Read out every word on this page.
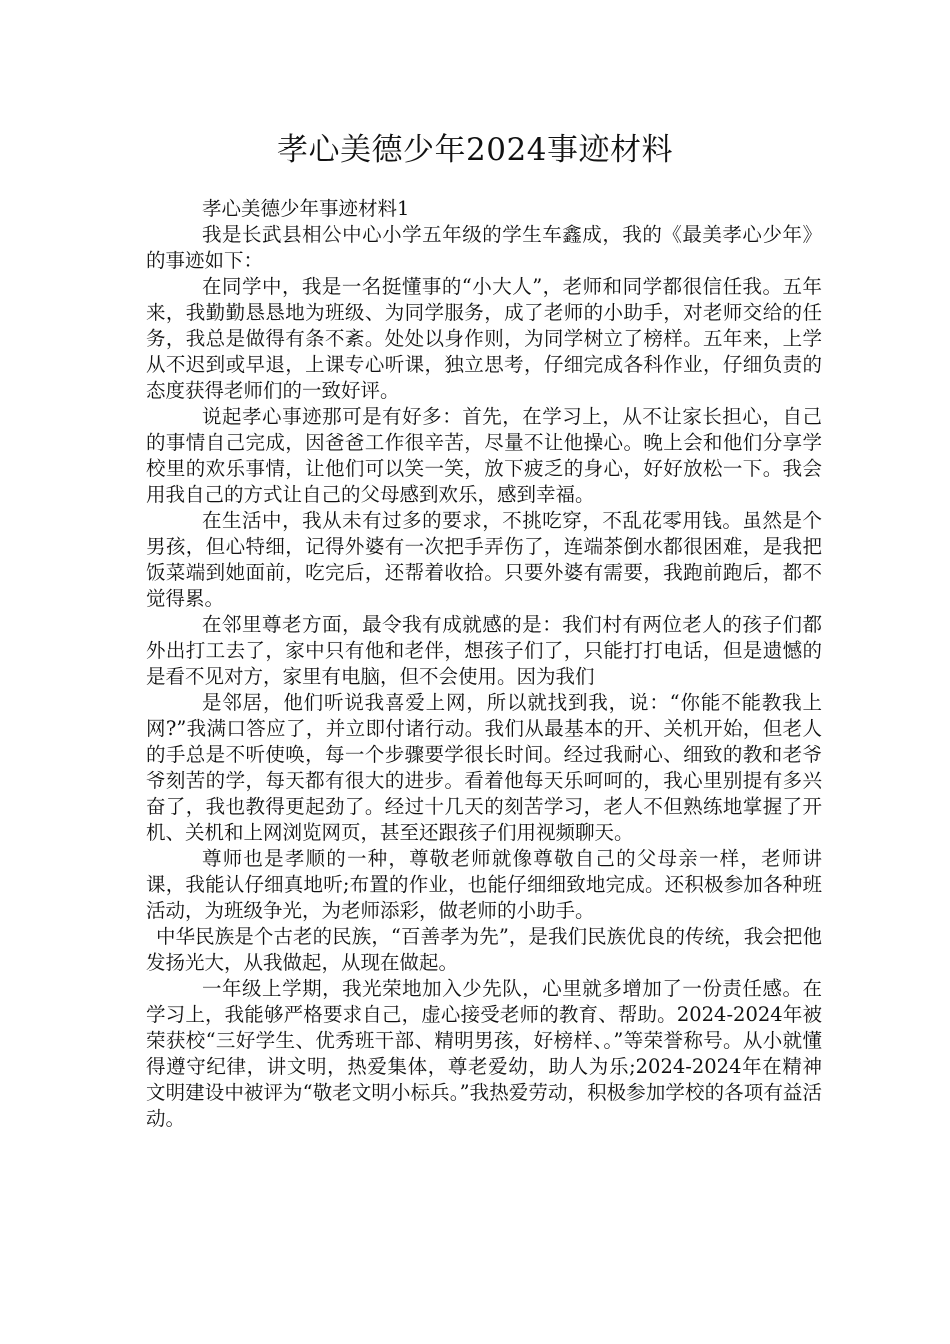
孝心美德少年2024事迹材料

孝心美德少年事迹材料1

我是长武县相公中心小学五年级的学生车鑫成，我的《最美孝心少年》的事迹如下：

在同学中，我是一名挺懂事的“小大人”，老师和同学都很信任我。五年来，我勤勤恳恳地为班级、为同学服务，成了老师的小助手，对老师交给的任务，我总是做得有条不紊。处处以身作则，为同学树立了榜样。五年来，上学从不迟到或早退，上课专心听课，独立思考，仔细完成各科作业，仔细负责的态度获得老师们的一致好评。

说起孝心事迹那可是有好多：首先，在学习上，从不让家长担心，自己的事情自己完成，因爸爸工作很辛苦，尽量不让他操心。晚上会和他们分享学校里的欢乐事情，让他们可以笑一笑，放下疲乏的身心，好好放松一下。我会用我自己的方式让自己的父母感到欢乐，感到幸福。

在生活中，我从未有过多的要求，不挑吃穿，不乱花零用钱。虽然是个男孩，但心特细，记得外婆有一次把手弄伤了，连端茶倒水都很困难，是我把饭菜端到她面前，吃完后，还帮着收拾。只要外婆有需要，我跑前跑后，都不觉得累。

在邻里尊老方面，最令我有成就感的是：我们村有两位老人的孩子们都外出打工去了，家中只有他和老伴，想孩子们了，只能打打电话，但是遗憾的是看不见对方，家里有电脑，但不会使用。因为我们

是邻居，他们听说我喜爱上网，所以就找到我，说：“你能不能教我上网?”我满口答应了，并立即付诸行动。我们从最基本的开、关机开始，但老人的手总是不听使唤，每一个步骤要学很长时间。经过我耐心、细致的教和老爷爷刻苦的学，每天都有很大的进步。看着他每天乐呵呵的，我心里别提有多兴奋了，我也教得更起劲了。经过十几天的刻苦学习，老人不但熟练地掌握了开机、关机和上网浏览网页，甚至还跟孩子们用视频聊天。

尊师也是孝顺的一种，尊敬老师就像尊敬自己的父母亲一样，老师讲课，我能认仔细真地听;布置的作业，也能仔细细致地完成。还积极参加各种班活动，为班级争光，为老师添彩，做老师的小助手。

中华民族是个古老的民族，“百善孝为先”，是我们民族优良的传统，我会把他发扬光大，从我做起，从现在做起。

一年级上学期，我光荣地加入少先队，心里就多增加了一份责任感。在学习上，我能够严格要求自己，虚心接受老师的教育、帮助。2024-2024年被荣获校“三好学生、优秀班干部、精明男孩，好榜样、。”等荣誉称号。从小就懂得遵守纪律，讲文明，热爱集体，尊老爱幼，助人为乐;2024-2024年在精神文明建设中被评为“敬老文明小标兵。”我热爱劳动，积极参加学校的各项有益活动。
